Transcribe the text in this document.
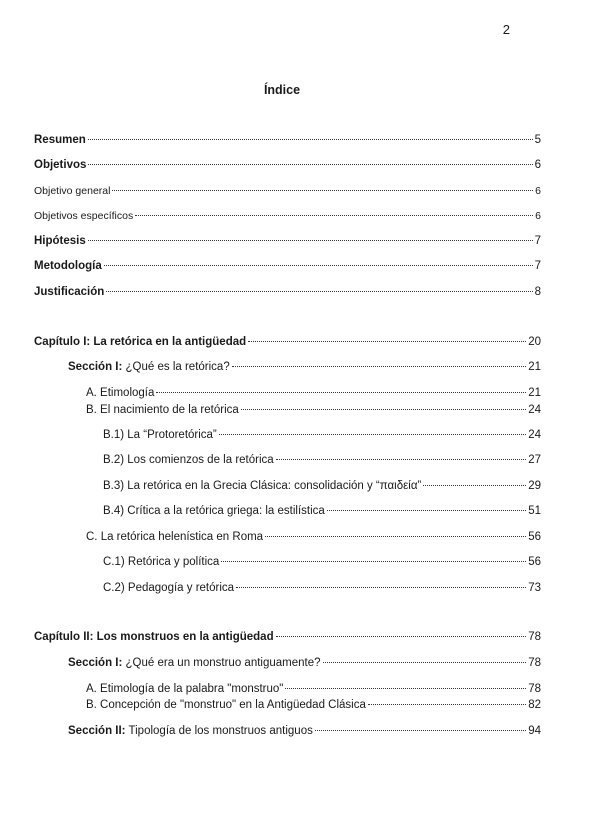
2
Índice
Resumen	5
Objetivos	6
Objetivo general	6
Objetivos específicos	6
Hipótesis	7
Metodología	7
Justificación	8
Capítulo I: La retórica en la antigüedad	20
Sección I: ¿Qué es la retórica?	21
A. Etimología	21
B. El nacimiento de la retórica	24
B.1) La “Protoretórica”	24
B.2) Los comienzos de la retórica	27
B.3) La retórica en la Grecia Clásica: consolidación y “παιδεία”	29
B.4) Crítica a la retórica griega: la estilística	51
C. La retórica helenística en Roma	56
C.1) Retórica y política	56
C.2) Pedagogía y retórica	73
Capítulo II: Los monstruos en la antigüedad	78
Sección I: ¿Qué era un monstruo antiguamente?	78
A. Etimología de la palabra "monstruo"	78
B. Concepción de "monstruo" en la Antigüedad Clásica	82
Sección II: Tipología de los monstruos antiguos	94
